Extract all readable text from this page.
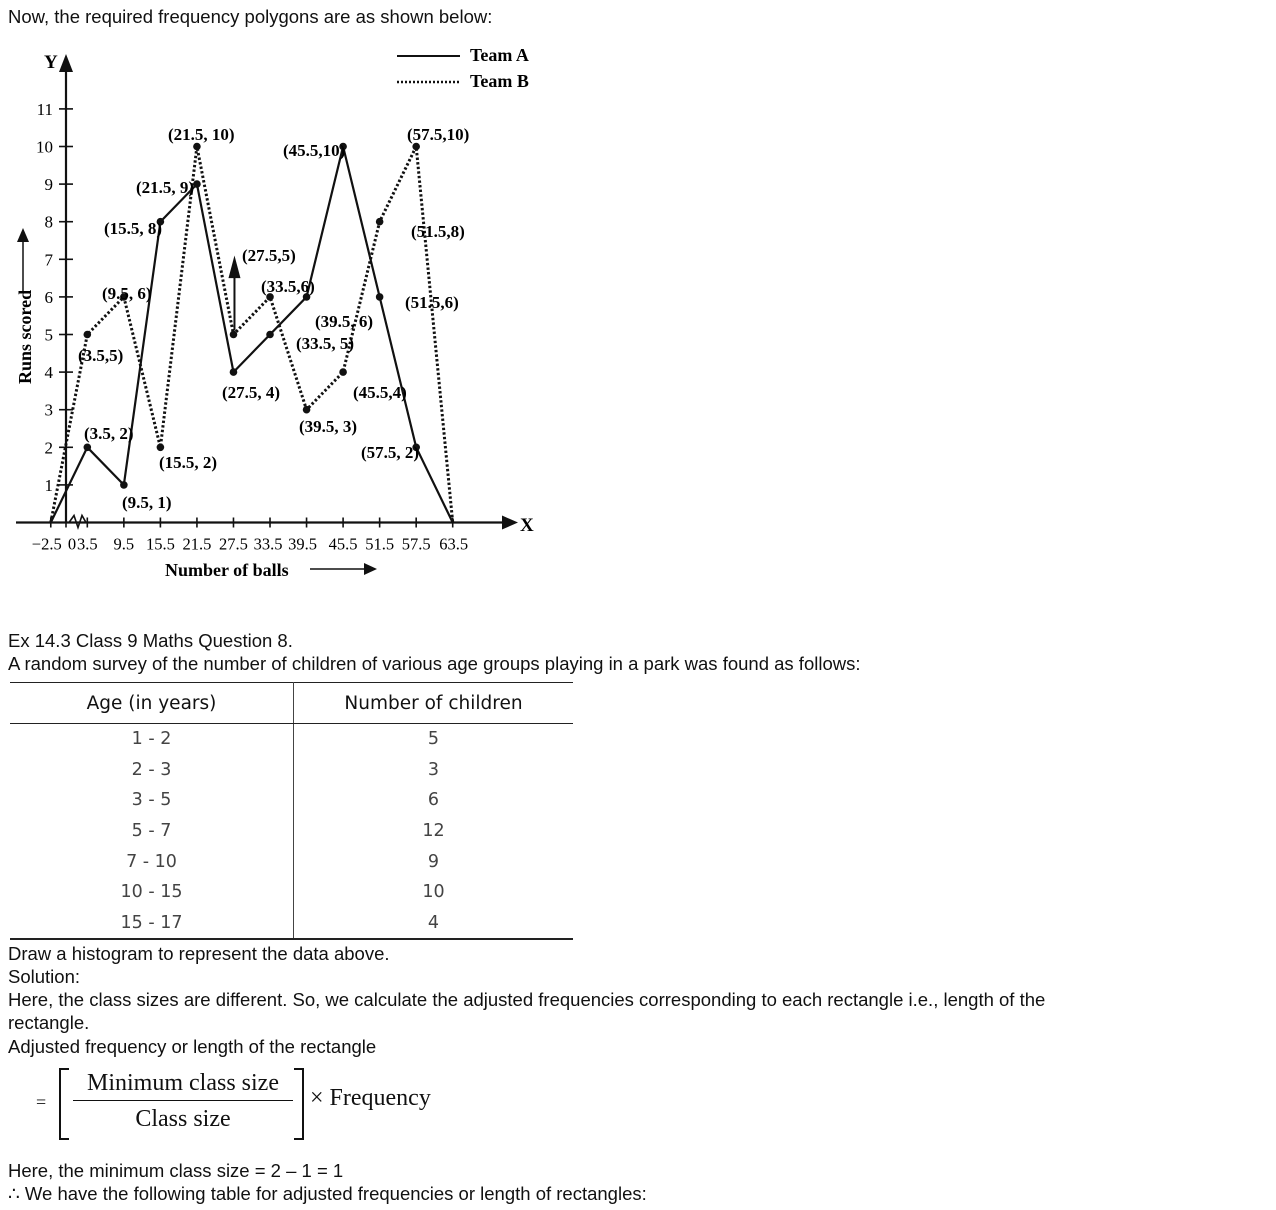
Now, the required frequency polygons are as shown below:
1
2
3
4
5
6
7
8
9
10
11
−2.5 0 3.5 9.5 15.5 21.5 27.5 33.5 39.5 45.5 51.5 57.5 63.5
(3.5, 2)
(9.5, 1)
(15.5, 8)
(21.5, 9)
(27.5, 4)
(33.5, 5)
(39.5, 6)
(45.5,10)
(51.5,6)
(57.5, 2)
(3.5,5)
(9.5, 6)
(15.5, 2)
(21.5, 10)
(27.5,5)
(33.5,6)
(39.5, 3)
(45.5,4)
(51.5,8)
(57.5,10)
Team A
Team B
Y
X
Number of balls
Runs scored
Ex 14.3 Class 9 Maths Question 8.
A random survey of the number of children of various age groups playing in a park was found as follows:
Age (in years)	Number of children
1 - 2	5
2 - 3	3
3 - 5	6
5 - 7	12
7 - 10	9
10 - 15	10
15 - 17	4
Draw a histogram to represent the data above.
Solution:
Here, the class sizes are different. So, we calculate the adjusted frequencies corresponding to each rectangle i.e., length of the
rectangle.
Adjusted frequency or length of the rectangle
=
Minimum class size
Class size
× Frequency
Here, the minimum class size = 2 – 1 = 1
∴ We have the following table for adjusted frequencies or length of rectangles:
